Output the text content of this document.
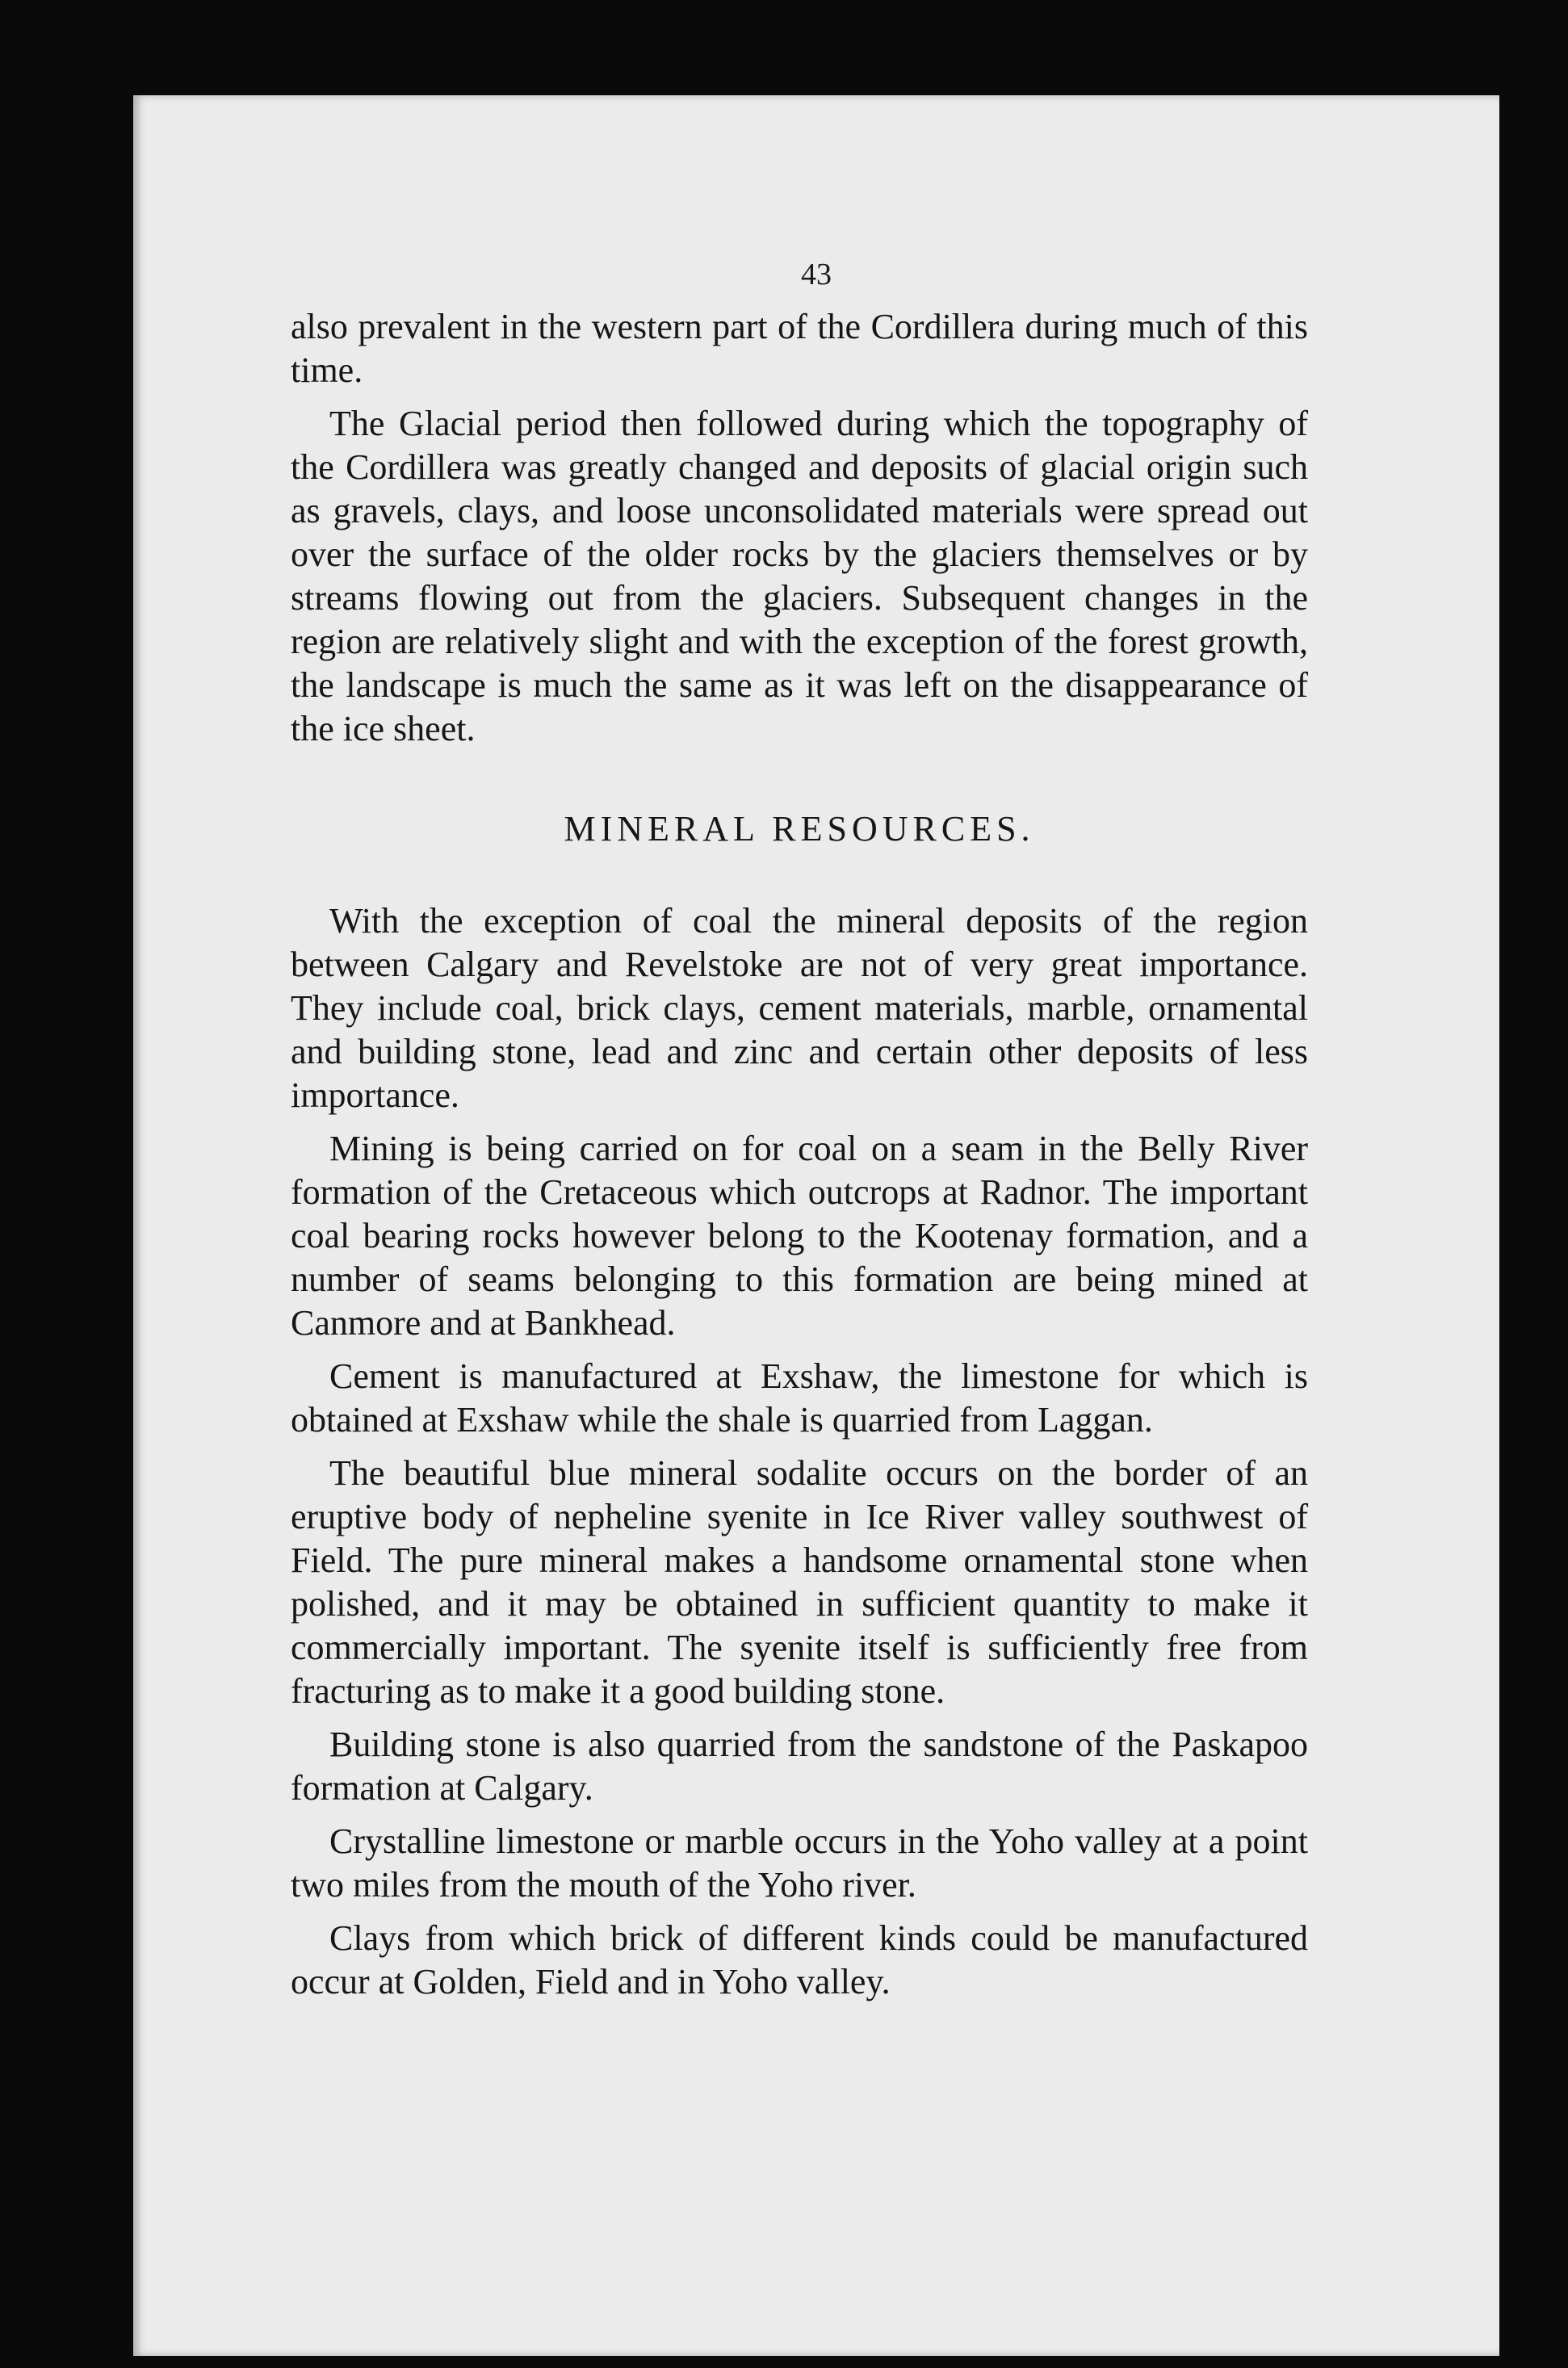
43

also prevalent in the western part of the Cordillera during much of this time.

The Glacial period then followed during which the topography of the Cordillera was greatly changed and deposits of glacial origin such as gravels, clays, and loose unconsolidated materials were spread out over the surface of the older rocks by the glaciers themselves or by streams flowing out from the glaciers. Subsequent changes in the region are relatively slight and with the exception of the forest growth, the landscape is much the same as it was left on the disappearance of the ice sheet.

MINERAL RESOURCES.

With the exception of coal the mineral deposits of the region between Calgary and Revelstoke are not of very great importance. They include coal, brick clays, cement materials, marble, ornamental and building stone, lead and zinc and certain other deposits of less importance.

Mining is being carried on for coal on a seam in the Belly River formation of the Cretaceous which outcrops at Radnor. The important coal bearing rocks however belong to the Kootenay formation, and a number of seams belonging to this formation are being mined at Canmore and at Bankhead.

Cement is manufactured at Exshaw, the limestone for which is obtained at Exshaw while the shale is quarried from Laggan.

The beautiful blue mineral sodalite occurs on the border of an eruptive body of nepheline syenite in Ice River valley southwest of Field. The pure mineral makes a handsome ornamental stone when polished, and it may be obtained in sufficient quantity to make it commercially important. The syenite itself is sufficiently free from fracturing as to make it a good building stone.

Building stone is also quarried from the sandstone of the Paskapoo formation at Calgary.

Crystalline limestone or marble occurs in the Yoho valley at a point two miles from the mouth of the Yoho river.

Clays from which brick of different kinds could be manufactured occur at Golden, Field and in Yoho valley.
